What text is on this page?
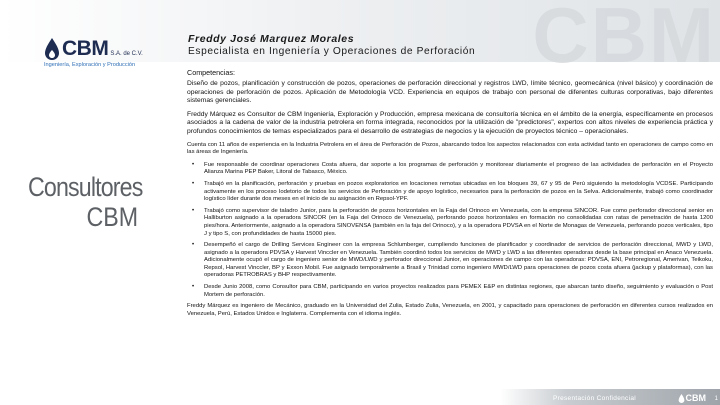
CBM
CBM S.A. de C.V.
Ingeniería, Exploración y Producción
Consultores
CBM
Freddy José Marquez Morales
Especialista en Ingeniería y Operaciones de Perforación
Competencias:

Diseño de pozos, planificación y construcción de pozos, operaciones de perforación direccional y registros LWD, límite técnico, geomecánica (nivel básico) y coordinación de operaciones de perforación de pozos. Aplicación de Metodología VCD. Experiencia en equipos de trabajo con personal de diferentes culturas corporativas, bajo diferentes sistemas gerenciales.

Freddy Márquez es Consultor de CBM Ingeniería, Exploración y Producción, empresa mexicana de consultoría técnica en el ámbito de la energía, específicamente en procesos asociados a la cadena de valor de la industria petrolera en forma integrada, reconocidos por la utilización de "predictores", expertos con altos niveles de experiencia práctica y profundos conocimientos de temas especializados para el desarrollo de estrategias de negocios y la ejecución de proyectos técnico – operacionales.

Cuenta con 11 años de experiencia en la Industria Petrolera en el área de Perforación de Pozos, abarcando todos los aspectos relacionados con esta actividad tanto en operaciones de campo como en las áreas de Ingeniería.

• Fue responsable de coordinar operaciones Costa afuera, dar soporte a los programas de perforación y monitorear diariamente el progreso de las actividades de perforación en el Proyecto Alianza Marina PEP Baker, Litoral de Tabasco, México.
• Trabajó en la planificación, perforación y pruebas en pozos exploratorios en locaciones remotas ubicadas en los bloques 39, 67 y 95 de Perú siguiendo la metodología VCDSE. Participando activamente en los proceso Iodetorio de todos los servicios de Perforación y de apoyo logístico, necesarios para la perforación de pozos en la Selva. Adicionalmente, trabajó como coordinador logístico líder durante dos meses en el inicio de su asignación en Repsol-YPF.
• Trabajó como supervisor de taladro Junior, para la perforación de pozos horizontales en la Faja del Orinoco en Venezuela, con la empresa SINCOR. Fue como perforador direccional senior en Halliburton asignado a la operadora SINCOR (en la Faja del Orinoco de Venezuela), perforando pozos horizontales en formación no consolidadas con ratas de penetración de hasta 1200 pies/hora. Anteriormente, asignado a la operadora SINOVENSA (también en la faja del Orinoco), y a la operadora PDVSA en el Norte de Monagas de Venezuela, perforando pozos verticales, tipo J y tipo S, con profundidades de hasta 15000 pies.
• Desempeñó el cargo de Drilling Services Engineer con la empresa Schlumberger, cumpliendo funciones de planificador y coordinador de servicios de perforación direccional, MWD y LWD, asignado a la operadora PDVSA y Harvest Vinccler en Venezuela. También coordinó todos los servicios de MWD y LWD a las diferentes operadoras desde la base principal en Anaco Venezuela. Adicionalmente ocupó el cargo de ingeniero senior de MWD/LWD y perforador direccional Junior, en operaciones de campo con las operadoras: PDVSA, ENI, Petroregional, Amerivan, Teikoku, Repsol, Harvest Vinccler, BP y Exxon Mobil. Fue asignado temporalmente a Brasil y Trinidad como ingeniero MWD/LWD para operaciones de pozos costa afuera (jackup y plataformas), con las operadoras PETROBRAS y BHP respectivamente.
• Desde Junio 2008, como Consultor para CBM, participando en varios proyectos realizados para PEMEX E&P en distintas regiones, que abarcan tanto diseño, seguimiento y evaluación o Post Mortem de perforación.

Freddy Márquez es ingeniero de Mecánico, graduado en la Universidad del Zulia, Estado Zulia, Venezuela, en 2001, y capacitado para operaciones de perforación en diferentes cursos realizados en Venezuela, Perú, Estados Unidos e Inglaterra. Complementa con el idioma inglés.

Presentación Confidencial	CBM 1
